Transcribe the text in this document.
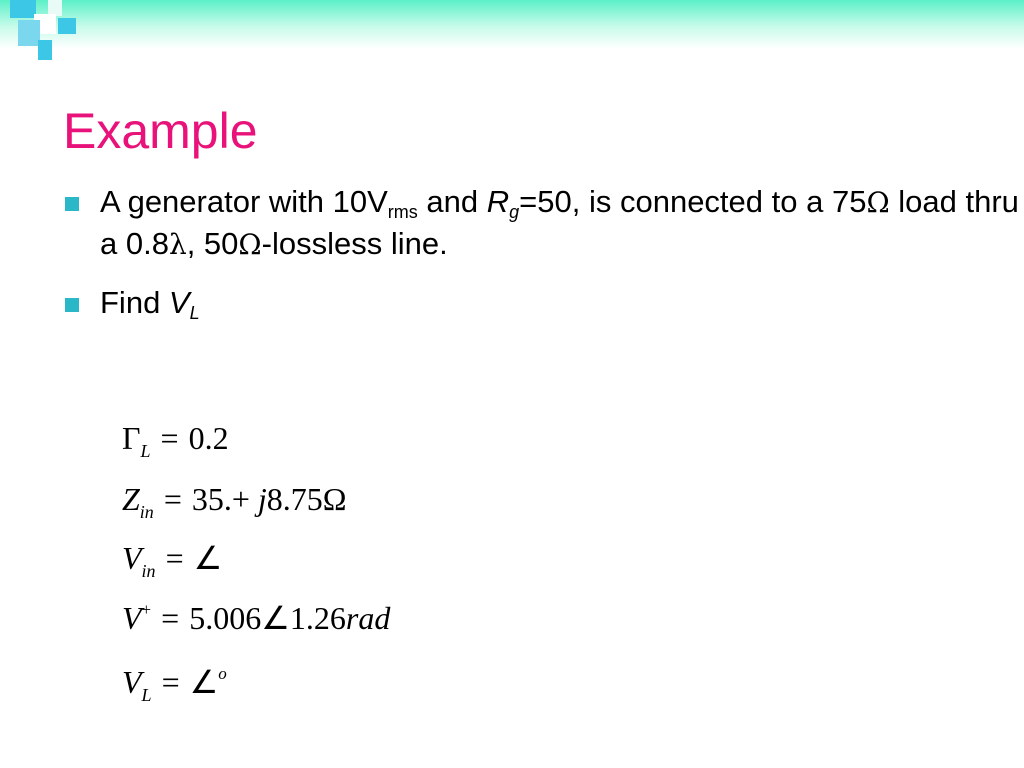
Example
A generator with $10V_{rms}$ and $R_g=50$, is connected to a 75Ω load thru a 0.8λ, 50Ω-lossless line.
Find $V_L$
$\Gamma_L = 0.2$
$Z_{in} = 35.+ j8.75\Omega$
$V_{in}$ = ∠
V+ = 5.006∠1.26rad
$V_L$ = ∠$^o$
